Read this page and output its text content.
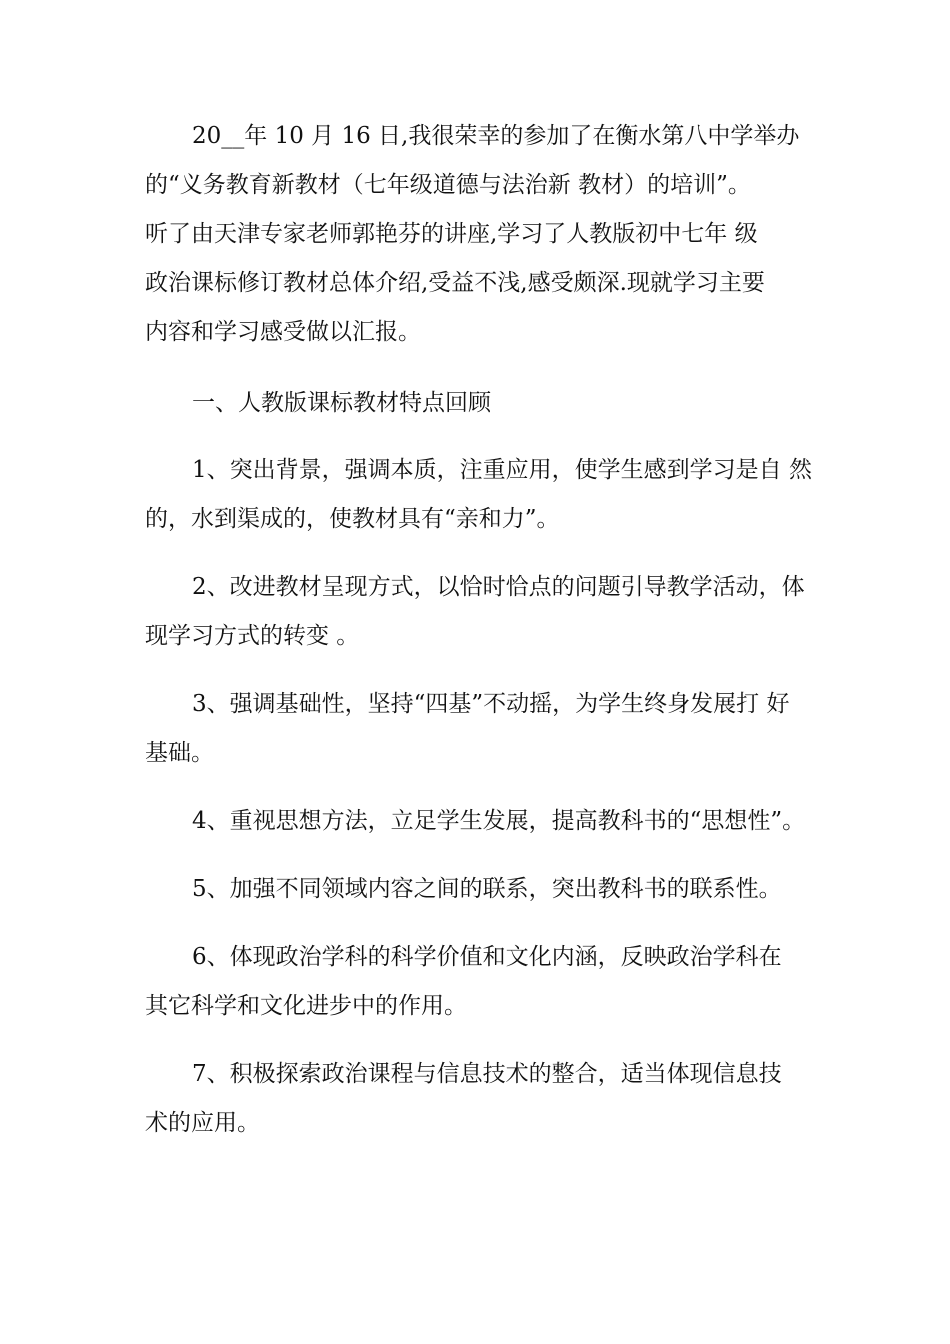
20__年 10 月 16 日,我很荣幸的参加了在衡水第八中学举办
的“义务教育新教材（七年级道德与法治新 教材）的培训”。
听了由天津专家老师郭艳芬的讲座,学习了人教版初中七年 级
政治课标修订教材总体介绍,受益不浅,感受颇深.现就学习主要
内容和学习感受做以汇报。
一、人教版课标教材特点回顾
1、突出背景，强调本质，注重应用，使学生感到学习是自 然
的，水到渠成的，使教材具有“亲和力”。
2、改进教材呈现方式，以恰时恰点的问题引导教学活动，体
现学习方式的转变 。
3、强调基础性，坚持“四基”不动摇，为学生终身发展打 好
基础。
4、重视思想方法，立足学生发展，提高教科书的“思想性”。
5、加强不同领域内容之间的联系，突出教科书的联系性。
6、体现政治学科的科学价值和文化内涵，反映政治学科在
其它科学和文化进步中的作用。
7、积极探索政治课程与信息技术的整合，适当体现信息技
术的应用。
